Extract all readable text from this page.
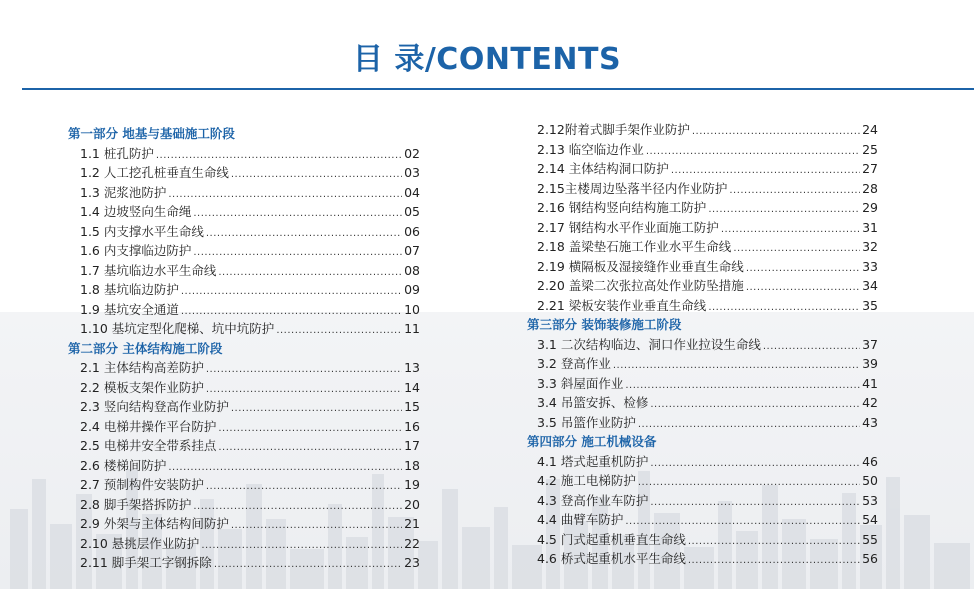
目 录/CONTENTS
第一部分 地基与基础施工阶段
1.1 桩孔防护 .....	02
1.2 人工挖孔桩垂直生命线 .....	03
1.3 泥浆池防护 .....	04
1.4 边坡竖向生命绳 .....	05
1.5 内支撑水平生命线 .....	06
1.6 内支撑临边防护 .....	07
1.7 基坑临边水平生命线 .....	08
1.8 基坑临边防护 .....	09
1.9 基坑安全通道 .....	10
1.10 基坑定型化爬梯、坑中坑防护 .....	11
第二部分 主体结构施工阶段
2.1 主体结构高差防护 .....	13
2.2 模板支架作业防护 .....	14
2.3 竖向结构登高作业防护 .....	15
2.4 电梯井操作平台防护 .....	16
2.5 电梯井安全带系挂点 .....	17
2.6 楼梯间防护 .....	18
2.7 预制构件安装防护 .....	19
2.8 脚手架搭拆防护 .....	20
2.9 外架与主体结构间防护 .....	21
2.10 悬挑层作业防护 .....	22
2.11 脚手架工字钢拆除 .....	23
2.12附着式脚手架作业防护 .....	24
2.13 临空临边作业 .....	25
2.14 主体结构洞口防护 .....	27
2.15主楼周边坠落半径内作业防护 .....	28
2.16 钢结构竖向结构施工防护 .....	29
2.17 钢结构水平作业面施工防护 .....	31
2.18 盖梁垫石施工作业水平生命线 .....	32
2.19 横隔板及湿接缝作业垂直生命线 .....	33
2.20 盖梁二次张拉高处作业防坠措施 .....	34
2.21 梁板安装作业垂直生命线 .....	35
第三部分 装饰装修施工阶段
3.1 二次结构临边、洞口作业拉设生命线 .....	37
3.2 登高作业 .....	39
3.3 斜屋面作业 .....	41
3.4 吊篮安拆、检修 .....	42
3.5 吊篮作业防护 .....	43
第四部分 施工机械设备
4.1 塔式起重机防护 .....	46
4.2 施工电梯防护 .....	50
4.3 登高作业车防护 .....	53
4.4 曲臂车防护 .....	54
4.5 门式起重机垂直生命线 .....	55
4.6 桥式起重机水平生命线 .....	56
